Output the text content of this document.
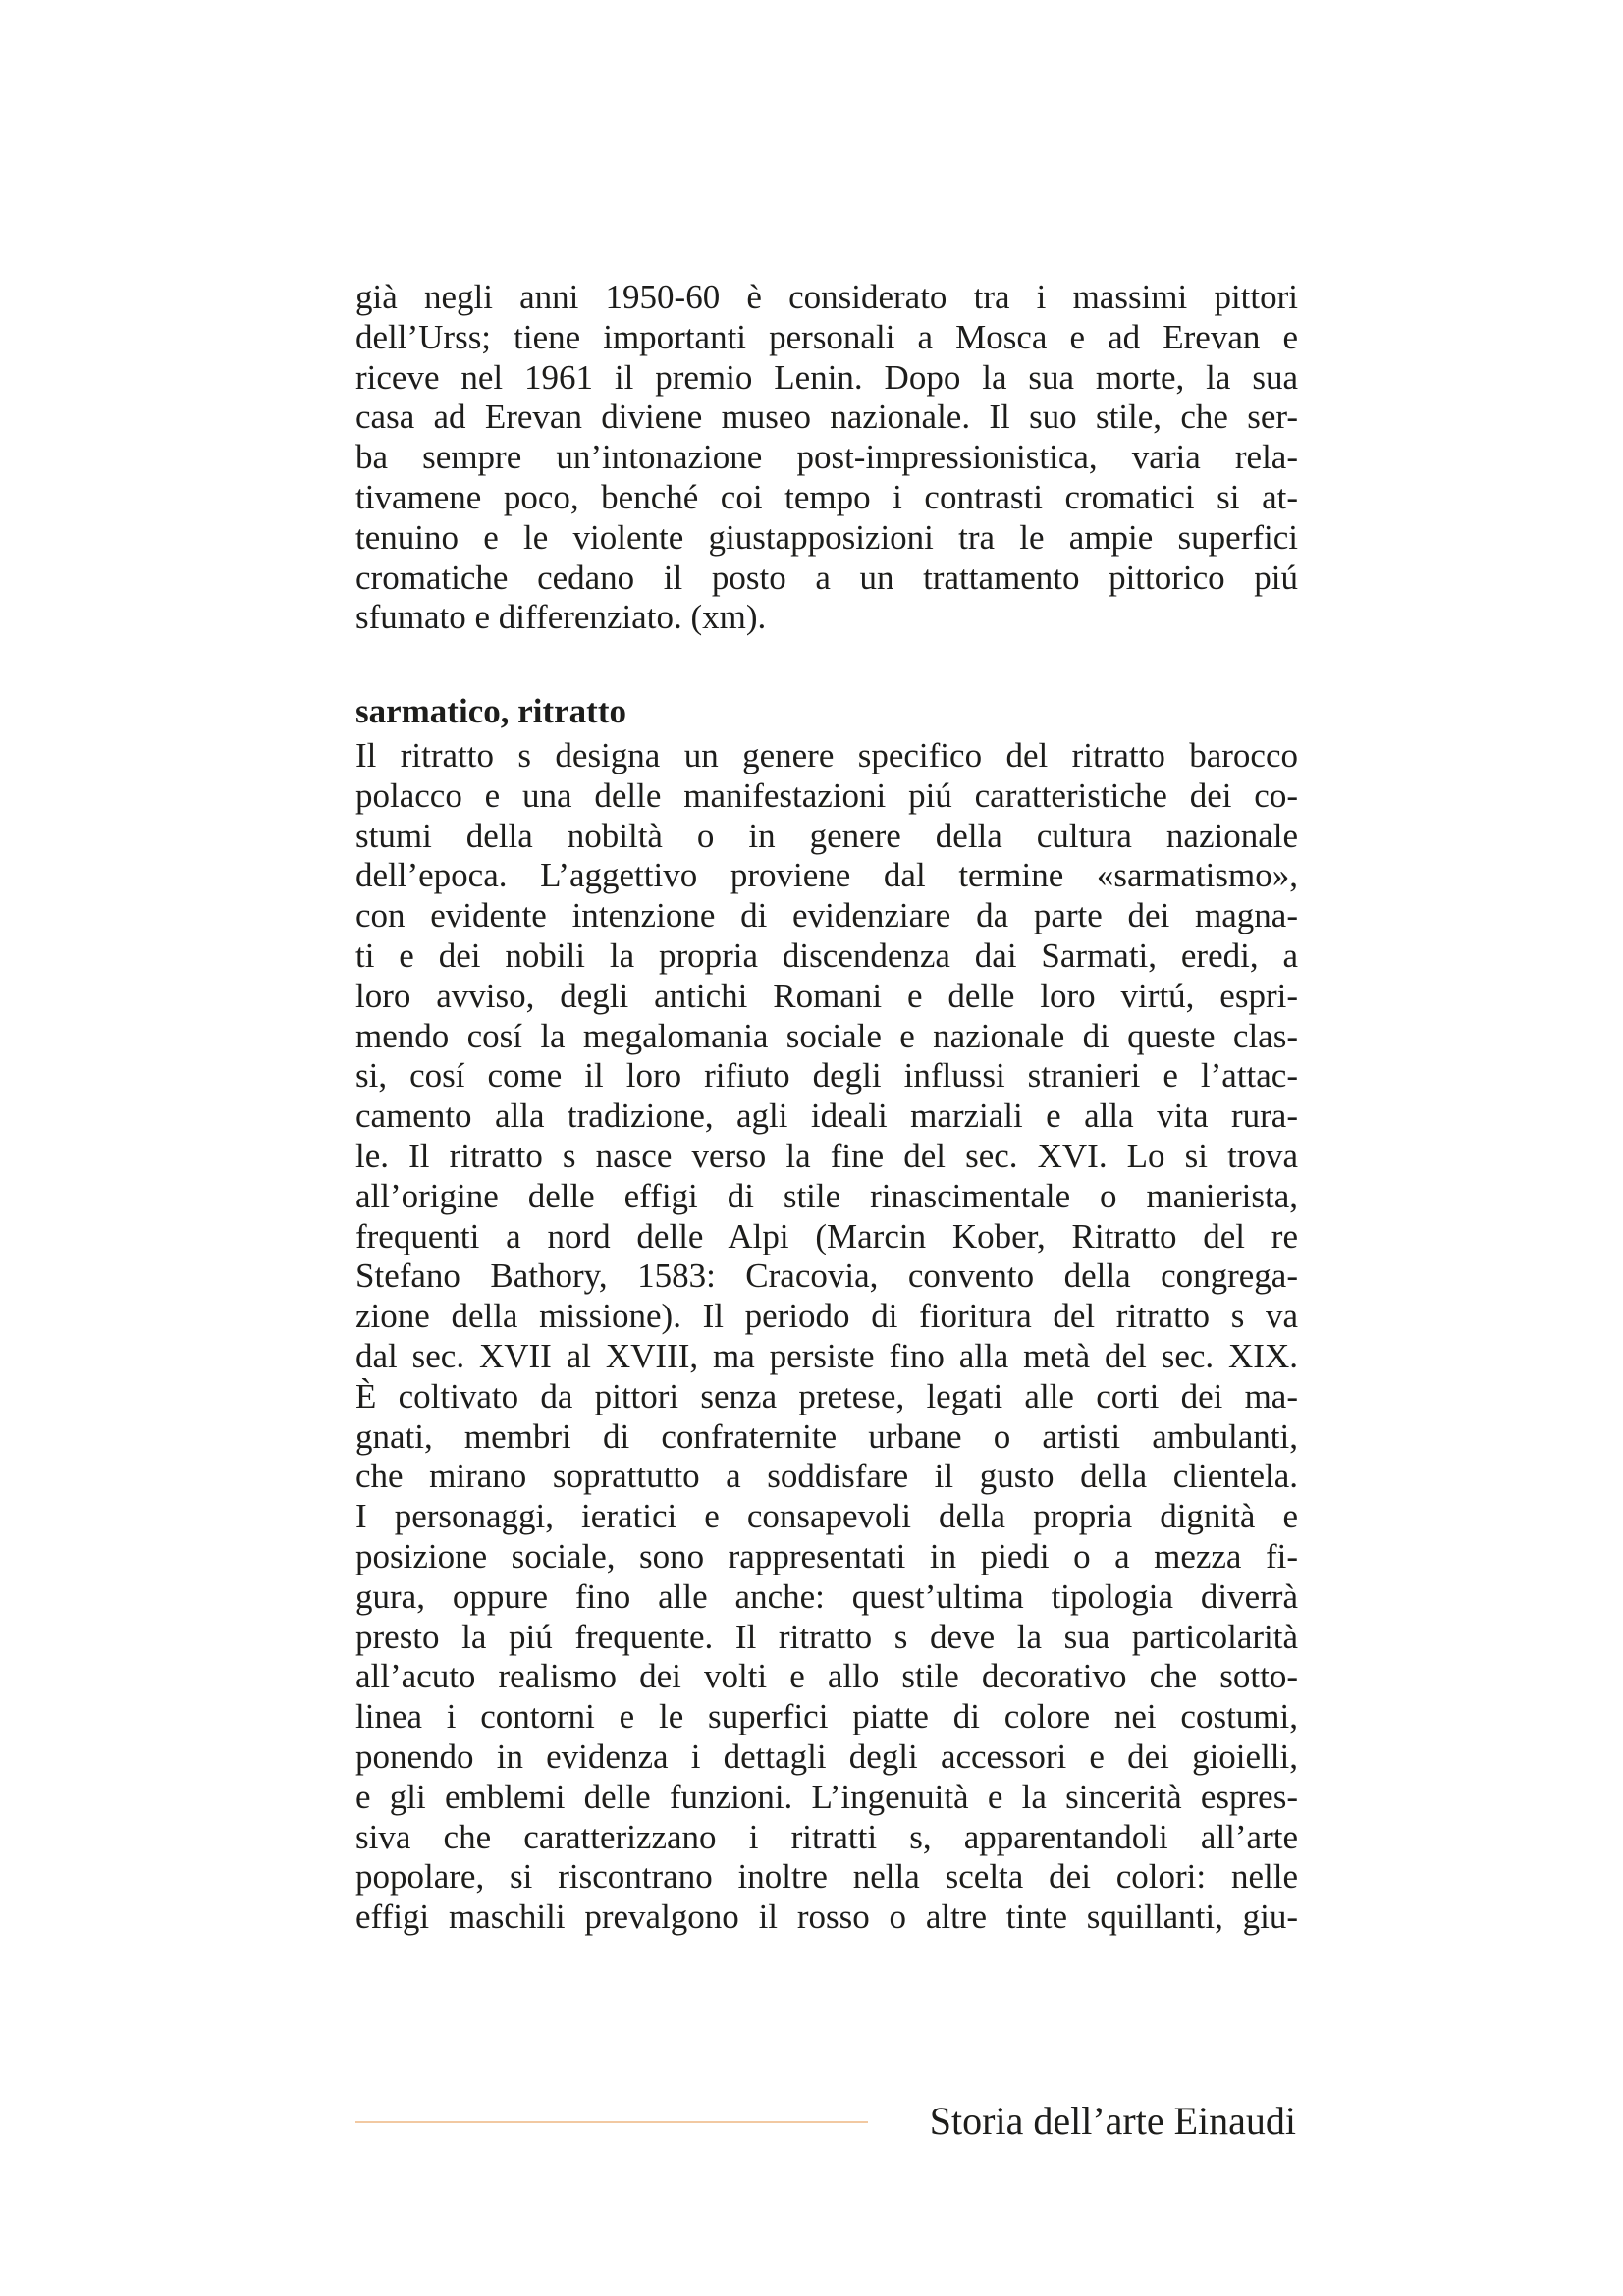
già negli anni 1950-60 è considerato tra i massimi pittori
dell’Urss; tiene importanti personali a Mosca e ad Erevan e
riceve nel 1961 il premio Lenin. Dopo la sua morte, la sua
casa ad Erevan diviene museo nazionale. Il suo stile, che ser-
ba sempre un’intonazione post-impressionistica, varia rela-
tivamene poco, benché coi tempo i contrasti cromatici si at-
tenuino e le violente giustapposizioni tra le ampie superfici
cromatiche cedano il posto a un trattamento pittorico piú
sfumato e differenziato. (xm).
sarmatico, ritratto
Il ritratto s designa un genere specifico del ritratto barocco
polacco e una delle manifestazioni piú caratteristiche dei co-
stumi della nobiltà o in genere della cultura nazionale
dell’epoca. L’aggettivo proviene dal termine «sarmatismo»,
con evidente intenzione di evidenziare da parte dei magna-
ti e dei nobili la propria discendenza dai Sarmati, eredi, a
loro avviso, degli antichi Romani e delle loro virtú, espri-
mendo cosí la megalomania sociale e nazionale di queste clas-
si, cosí come il loro rifiuto degli influssi stranieri e l’attac-
camento alla tradizione, agli ideali marziali e alla vita rura-
le. Il ritratto s nasce verso la fine del sec. XVI. Lo si trova
all’origine delle effigi di stile rinascimentale o manierista,
frequenti a nord delle Alpi (Marcin Kober, Ritratto del re
Stefano Bathory, 1583: Cracovia, convento della congrega-
zione della missione). Il periodo di fioritura del ritratto s va
dal sec. XVII al XVIII, ma persiste fino alla metà del sec. XIX.
È coltivato da pittori senza pretese, legati alle corti dei ma-
gnati, membri di confraternite urbane o artisti ambulanti,
che mirano soprattutto a soddisfare il gusto della clientela.
I personaggi, ieratici e consapevoli della propria dignità e
posizione sociale, sono rappresentati in piedi o a mezza fi-
gura, oppure fino alle anche: quest’ultima tipologia diverrà
presto la piú frequente. Il ritratto s deve la sua particolarità
all’acuto realismo dei volti e allo stile decorativo che sotto-
linea i contorni e le superfici piatte di colore nei costumi,
ponendo in evidenza i dettagli degli accessori e dei gioielli,
e gli emblemi delle funzioni. L’ingenuità e la sincerità espres-
siva che caratterizzano i ritratti s, apparentandoli all’arte
popolare, si riscontrano inoltre nella scelta dei colori: nelle
effigi maschili prevalgono il rosso o altre tinte squillanti, giu-
Storia dell’arte Einaudi
